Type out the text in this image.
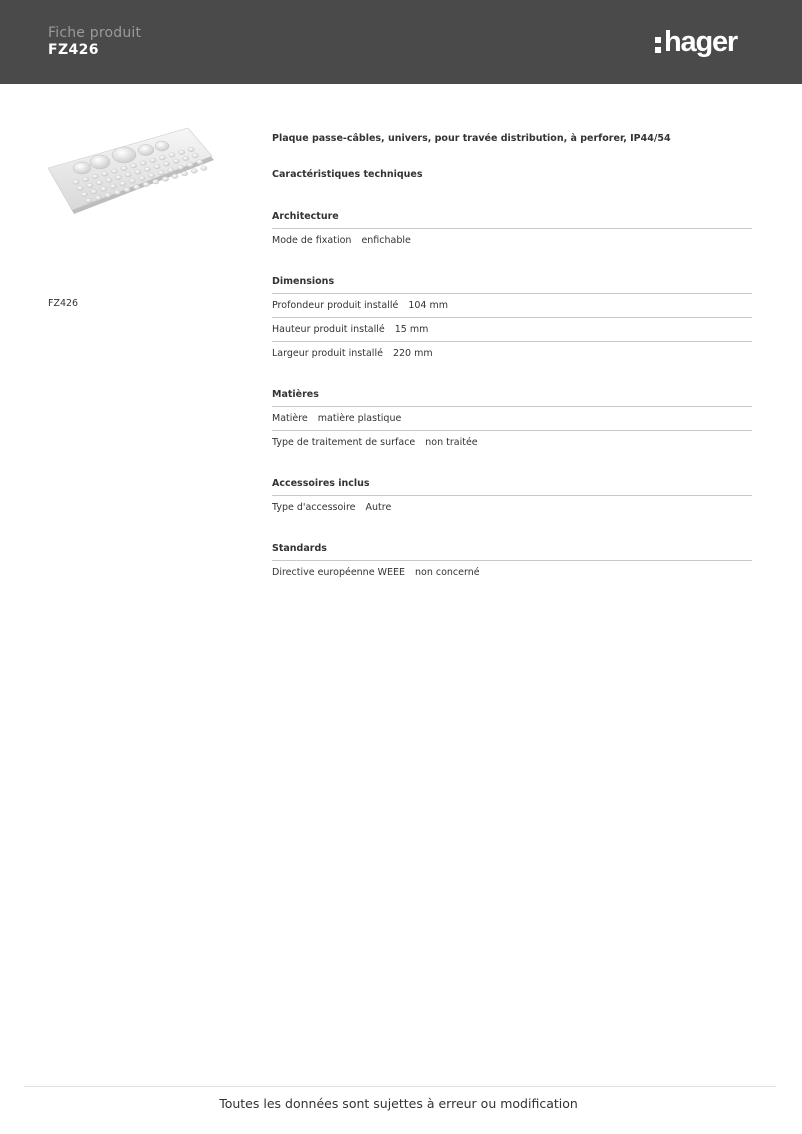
Fiche produit
FZ426	hager
FZ426
Plaque passe-câbles, univers, pour travée distribution, à perforer, IP44/54
Caractéristiques techniques
Architecture
Mode de fixation enfichable
Dimensions
Profondeur produit installé 104 mm
Hauteur produit installé 15 mm
Largeur produit installé 220 mm
Matières
Matière matière plastique
Type de traitement de surface non traitée
Accessoires inclus
Type d'accessoire Autre
Standards
Directive européenne WEEE non concerné
Toutes les données sont sujettes à erreur ou modification
